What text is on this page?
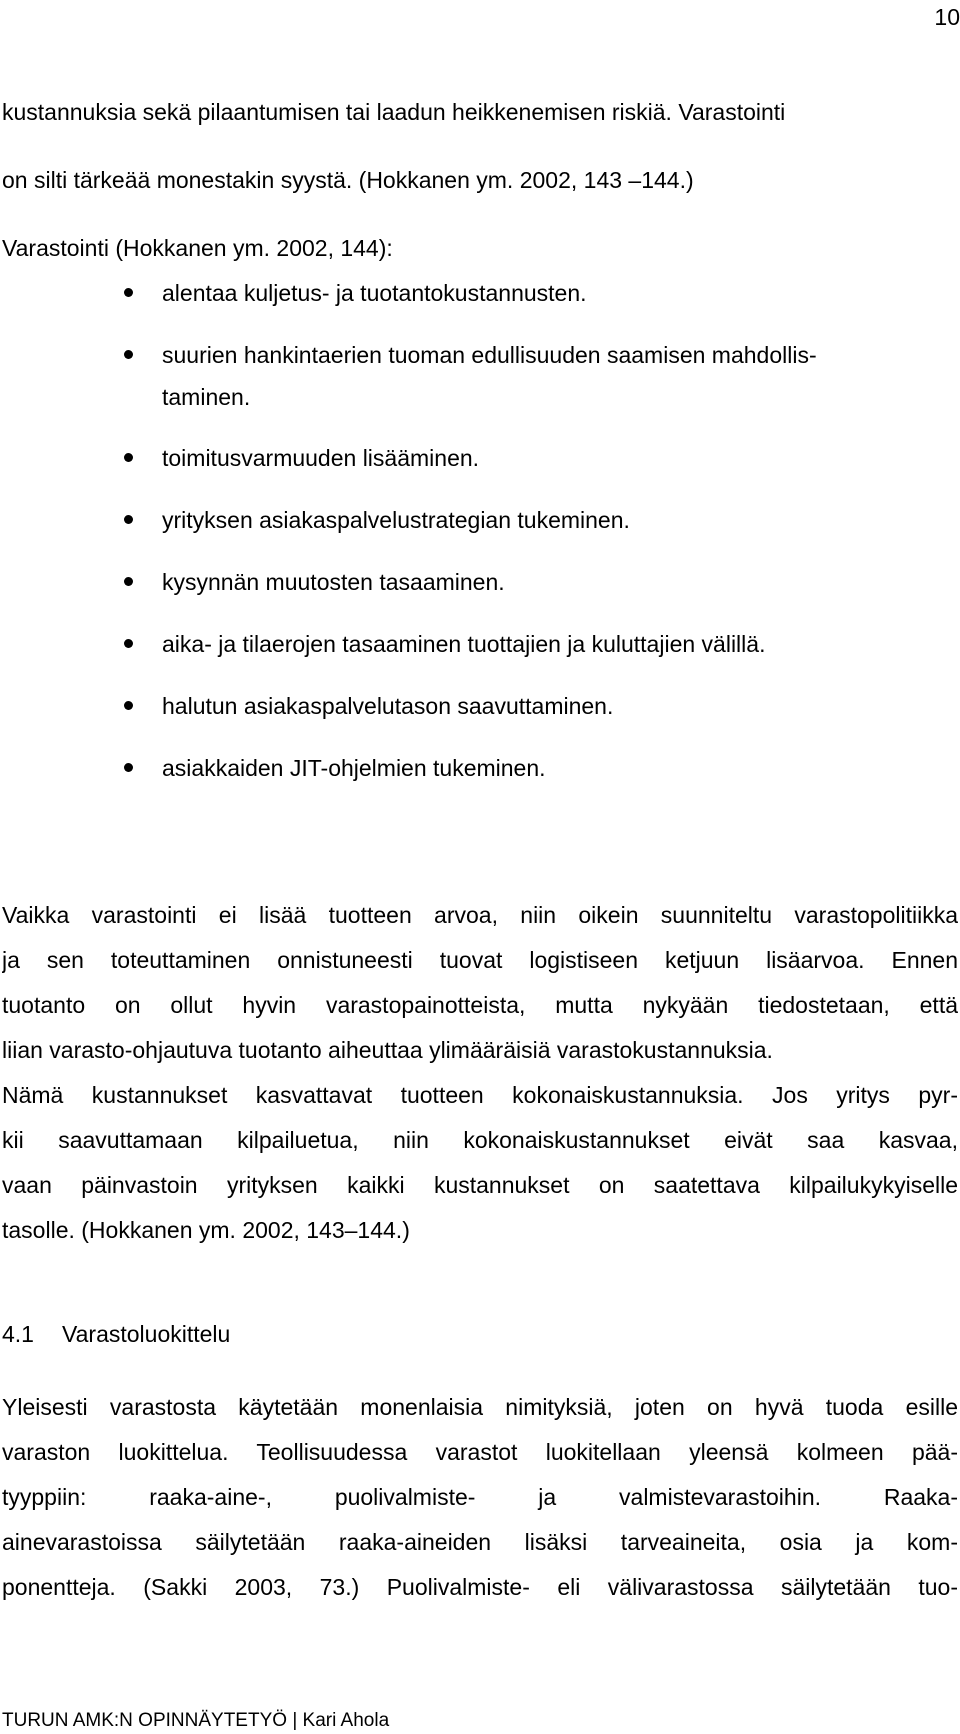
10
kustannuksia sekä pilaantumisen tai laadun heikkenemisen riskiä. Varastointi
on silti tärkeää monestakin syystä. (Hokkanen ym. 2002, 143 –144.)
Varastointi (Hokkanen ym. 2002, 144):
alentaa kuljetus- ja tuotantokustannusten.
suurien hankintaerien tuoman edullisuuden saamisen mahdollis-
taminen.
toimitusvarmuuden lisääminen.
yrityksen asiakaspalvelustrategian tukeminen.
kysynnän muutosten tasaaminen.
aika- ja tilaerojen tasaaminen tuottajien ja kuluttajien välillä.
halutun asiakaspalvelutason saavuttaminen.
asiakkaiden JIT-ohjelmien tukeminen.
Vaikka varastointi ei lisää tuotteen arvoa, niin oikein suunniteltu varastopolitiikka
ja sen toteuttaminen onnistuneesti tuovat logistiseen ketjuun lisäarvoa. Ennen
tuotanto on ollut hyvin varastopainotteista, mutta nykyään tiedostetaan, että
liian varasto-ohjautuva tuotanto aiheuttaa ylimääräisiä varastokustannuksia.
Nämä kustannukset kasvattavat tuotteen kokonaiskustannuksia. Jos yritys pyr-
kii saavuttamaan kilpailuetua, niin kokonaiskustannukset eivät saa kasvaa,
vaan päinvastoin yrityksen kaikki kustannukset on saatettava kilpailukykyiselle
tasolle. (Hokkanen ym. 2002, 143–144.)
4.1 Varastoluokittelu
Yleisesti varastosta käytetään monenlaisia nimityksiä, joten on hyvä tuoda esille
varaston luokittelua. Teollisuudessa varastot luokitellaan yleensä kolmeen pää-
tyyppiin: raaka-aine-, puolivalmiste- ja valmistevarastoihin. Raaka-
ainevarastoissa säilytetään raaka-aineiden lisäksi tarveaineita, osia ja kom-
ponentteja. (Sakki 2003, 73.) Puolivalmiste- eli välivarastossa säilytetään tuo-
TURUN AMK:N OPINNÄYTETYÖ | Kari Ahola
